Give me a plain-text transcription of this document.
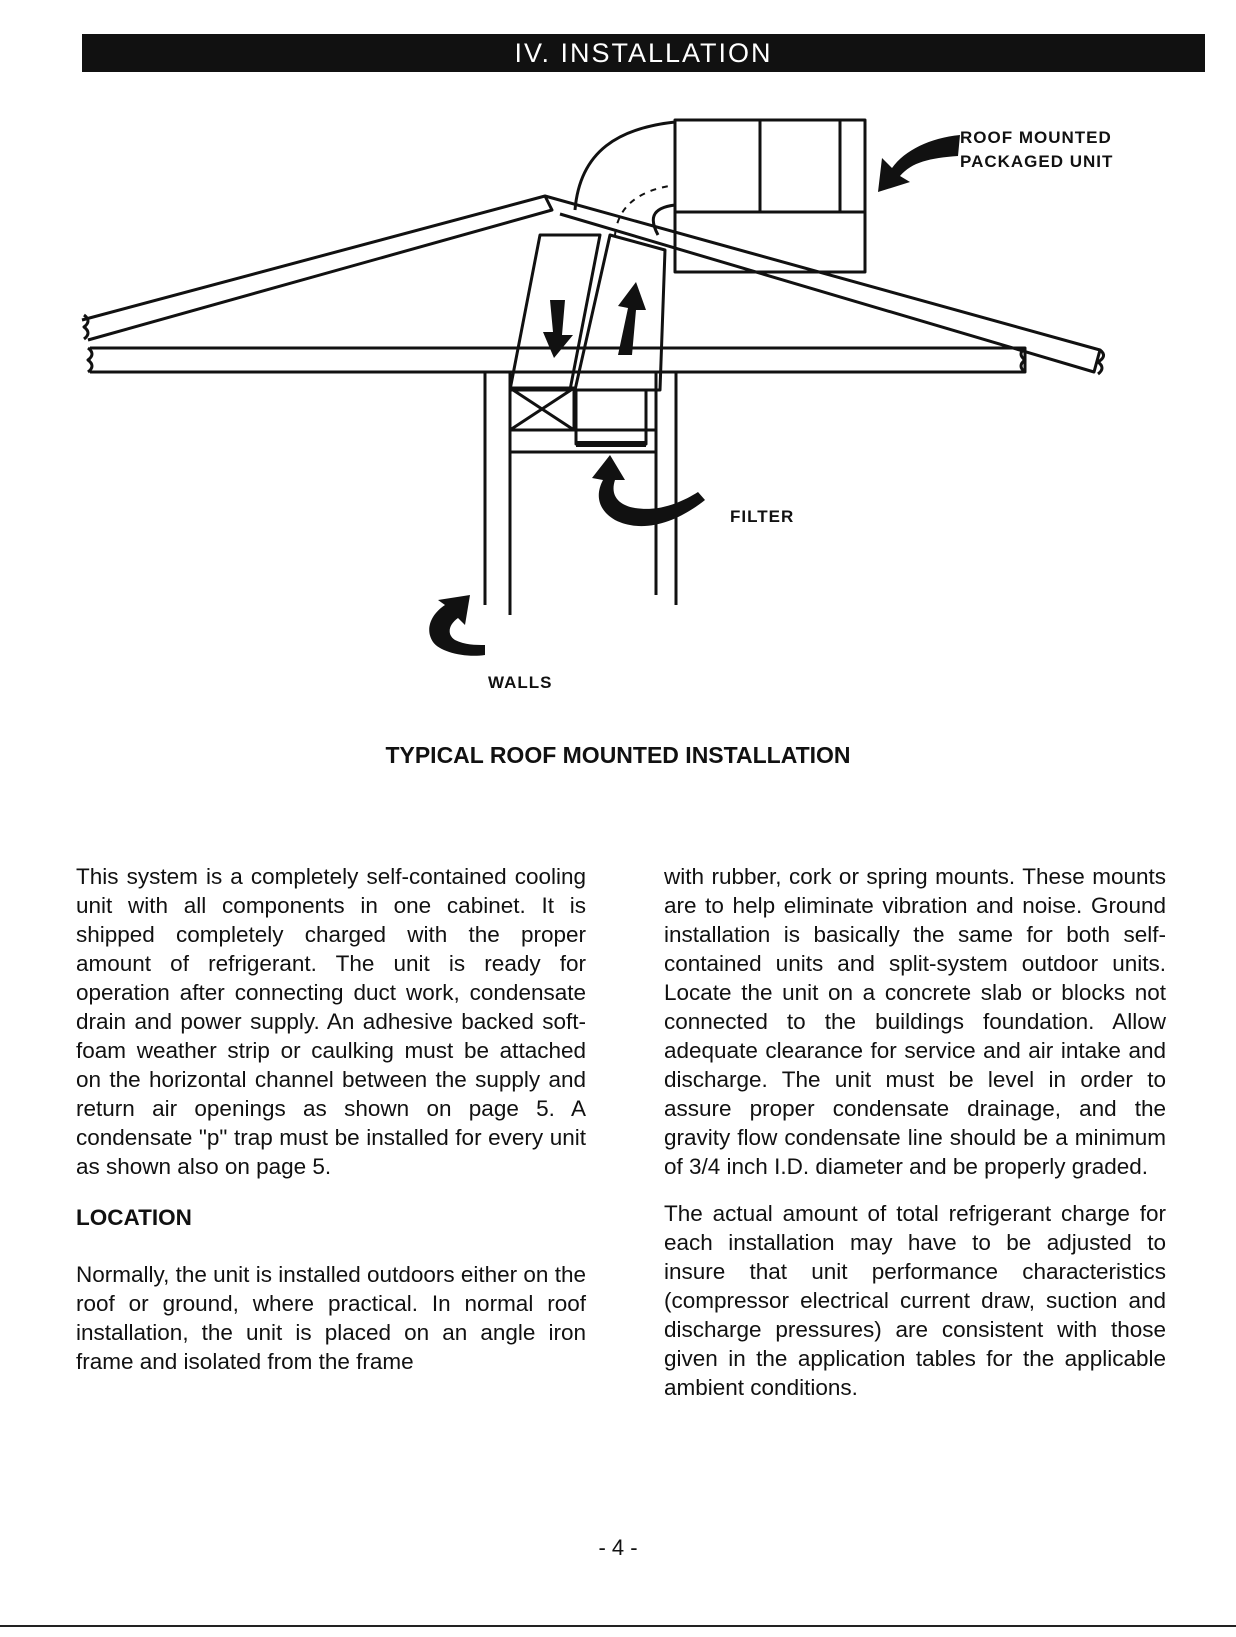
IV. INSTALLATION
ROOF MOUNTED
PACKAGED UNIT
FILTER
WALLS
TYPICAL ROOF MOUNTED INSTALLATION

This system is a completely self-contained cooling unit with all components in one cabinet. It is shipped completely charged with the proper amount of refrigerant. The unit is ready for operation after connecting duct work, condensate drain and power supply. An adhesive backed soft-foam weather strip or caulking must be attached on the horizontal channel between the supply and return air openings as shown on page 5. A condensate "p" trap must be installed for every unit as shown also on page 5.

LOCATION

Normally, the unit is installed outdoors either on the roof or ground, where practical. In normal roof installation, the unit is placed on an angle iron frame and isolated from the frame

with rubber, cork or spring mounts. These mounts are to help eliminate vibration and noise. Ground installation is basically the same for both self-contained units and split-system outdoor units. Locate the unit on a concrete slab or blocks not connected to the buildings foundation. Allow adequate clearance for service and air intake and discharge. The unit must be level in order to assure proper condensate drainage, and the gravity flow condensate line should be a minimum of 3/4 inch I.D. diameter and be properly graded.

The actual amount of total refrigerant charge for each installation may have to be adjusted to insure that unit performance characteristics (compressor electrical current draw, suction and discharge pressures) are consistent with those given in the application tables for the applicable ambient conditions.

- 4 -
